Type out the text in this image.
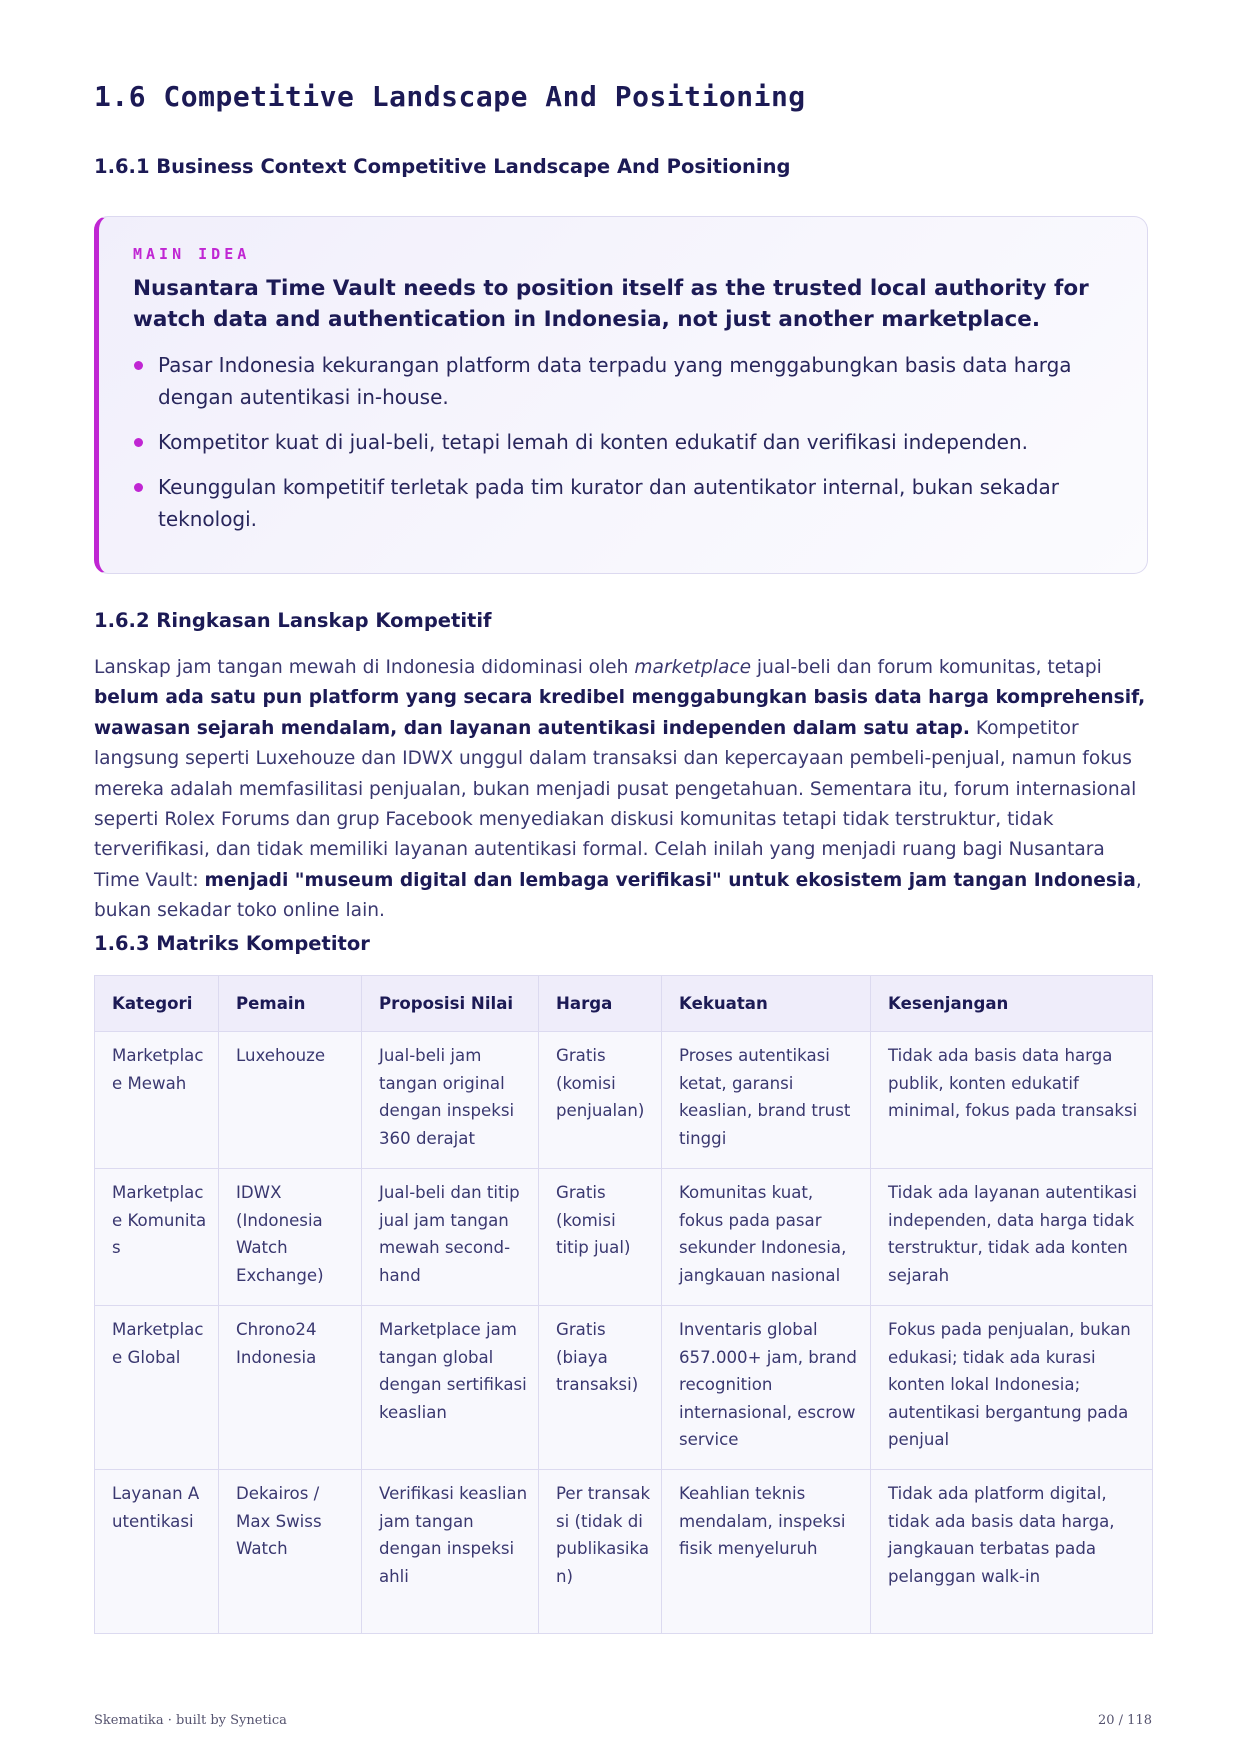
1.6 Competitive Landscape And Positioning
1.6.1 Business Context Competitive Landscape And Positioning
MAIN IDEA
Nusantara Time Vault needs to position itself as the trusted local authority for watch data and authentication in Indonesia, not just another marketplace.
Pasar Indonesia kekurangan platform data terpadu yang menggabungkan basis data harga dengan autentikasi in-house.
Kompetitor kuat di jual-beli, tetapi lemah di konten edukatif dan verifikasi independen.
Keunggulan kompetitif terletak pada tim kurator dan autentikator internal, bukan sekadar teknologi.
1.6.2 Ringkasan Lanskap Kompetitif

Lanskap jam tangan mewah di Indonesia didominasi oleh marketplace jual-beli dan forum komunitas, tetapi belum ada satu pun platform yang secara kredibel menggabungkan basis data harga komprehensif, wawasan sejarah mendalam, dan layanan autentikasi independen dalam satu atap. Kompetitor langsung seperti Luxehouze dan IDWX unggul dalam transaksi dan kepercayaan pembeli-penjual, namun fokus mereka adalah memfasilitasi penjualan, bukan menjadi pusat pengetahuan. Sementara itu, forum internasional seperti Rolex Forums dan grup Facebook menyediakan diskusi komunitas tetapi tidak terstruktur, tidak terverifikasi, dan tidak memiliki layanan autentikasi formal. Celah inilah yang menjadi ruang bagi Nusantara Time Vault: menjadi "museum digital dan lembaga verifikasi" untuk ekosistem jam tangan Indonesia, bukan sekadar toko online lain.

1.6.3 Matriks Kompetitor
Kategori	Pemain	Proposisi Nilai	Harga	Kekuatan	Kesenjangan
Marketplace Mewah	Luxehouze	Jual-beli jam tangan original dengan inspeksi 360 derajat	Gratis (komisi penjualan)	Proses autentikasi ketat, garansi keaslian, brand trust tinggi	Tidak ada basis data harga publik, konten edukatif minimal, fokus pada transaksi
Marketplace Komunitas	IDWX (Indonesia Watch Exchange)	Jual-beli dan titip jual jam tangan mewah second-hand	Gratis (komisi titip jual)	Komunitas kuat, fokus pada pasar sekunder Indonesia, jangkauan nasional	Tidak ada layanan autentikasi independen, data harga tidak terstruktur, tidak ada konten sejarah
Marketplace Global	Chrono24 Indonesia	Marketplace jam tangan global dengan sertifikasi keaslian	Gratis (biaya transaksi)	Inventaris global 657.000+ jam, brand recognition internasional, escrow service	Fokus pada penjualan, bukan edukasi; tidak ada kurasi konten lokal Indonesia; autentikasi bergantung pada penjual
Layanan Autentikasi	Dekairos / Max Swiss Watch	Verifikasi keaslian jam tangan dengan inspeksi ahli	Per transaksi (tidak dipublikasikan)	Keahlian teknis mendalam, inspeksi fisik menyeluruh	Tidak ada platform digital, tidak ada basis data harga, jangkauan terbatas pada pelanggan walk-in
Skematika · built by Synetica	20 / 118
